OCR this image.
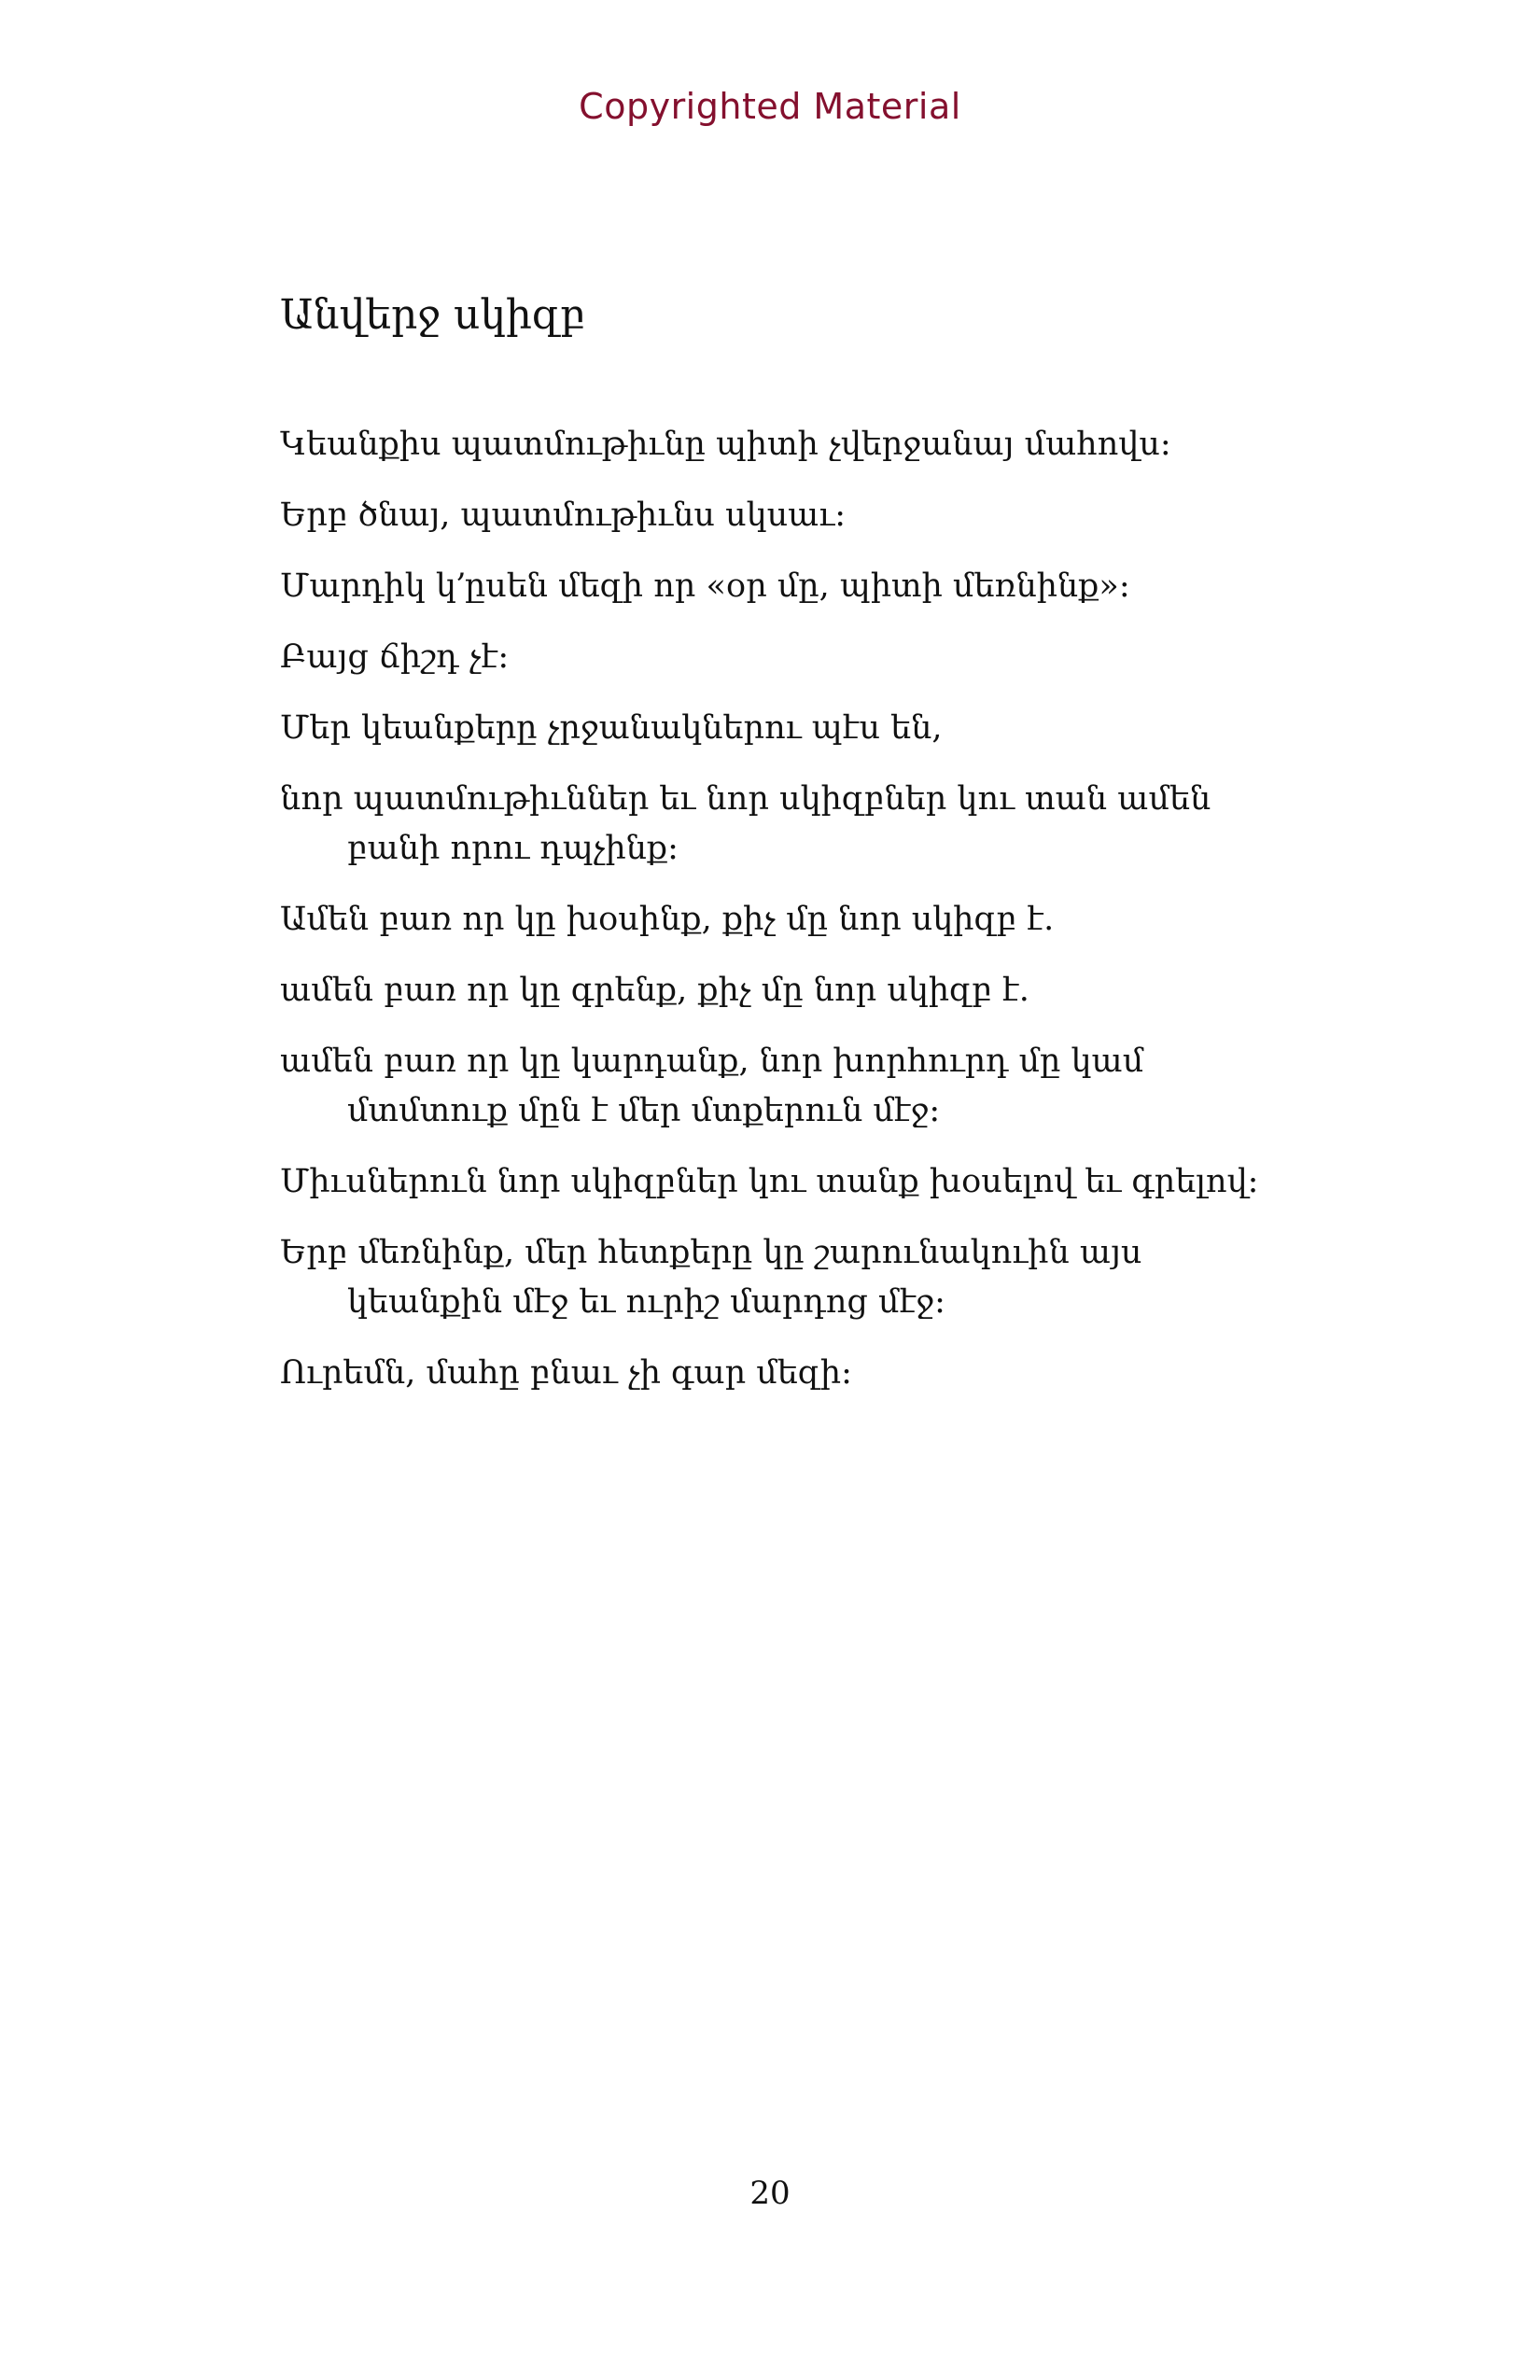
Copyrighted Material
Անվերջ սկիզբ

Կեանքիս պատմութիւնը պիտի չվերջանայ մահովս։

Երբ ծնայ, պատմութիւնս սկսաւ։

Մարդիկ կ՚ըսեն մեզի որ «օր մը, պիտի մեռնինք»։

Բայց ճիշդ չէ։

Մեր կեանքերը չրջանակներու պէս են,

նոր պատմութիւններ եւ նոր սկիզբներ կու տան ամեն բանի որու դպչինք։

Ամեն բառ որ կը խօսինք, քիչ մը նոր սկիզբ է.

ամեն բառ որ կը գրենք, քիչ մը նոր սկիզբ է.

ամեն բառ որ կը կարդանք, նոր խորհուրդ մը կամ մտմտուք մըն է մեր մտքերուն մէջ։

Միւսներուն նոր սկիզբներ կու տանք խօսելով եւ գրելով։

Երբ մեռնինք, մեր հետքերը կը շարունակուին այս կեանքին մէջ եւ ուրիշ մարդոց մէջ։

Ուրեմն, մահը բնաւ չի գար մեզի։

20
